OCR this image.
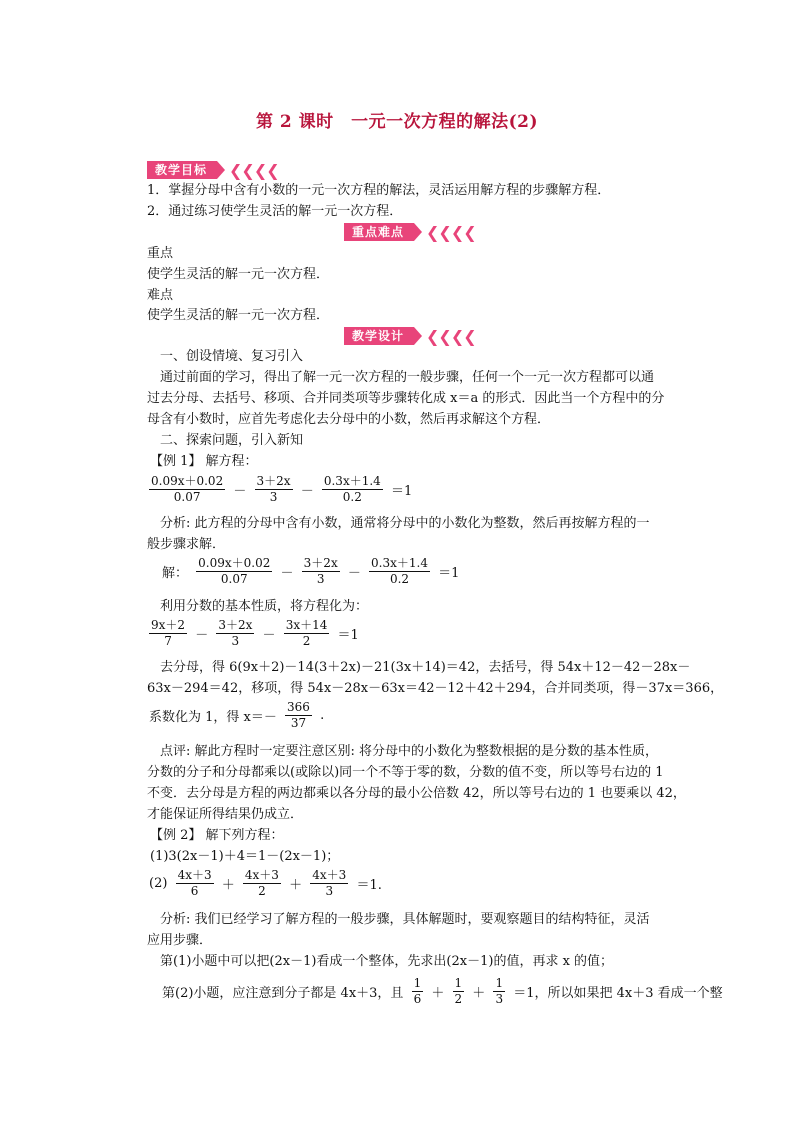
第 2 课时　一元一次方程的解法(2)
教学目标	❮❮❮❮
1．掌握分母中含有小数的一元一次方程的解法，灵活运用解方程的步骤解方程．
2．通过练习使学生灵活的解一元一次方程．
重点难点	❮❮❮❮
重点
使学生灵活的解一元一次方程．
难点
使学生灵活的解一元一次方程．
教学设计	❮❮❮❮
一、创设情境、复习引入
通过前面的学习，得出了解一元一次方程的一般步骤，任何一个一元一次方程都可以通
过去分母、去括号、移项、合并同类项等步骤转化成 x＝a 的形式．因此当一个方程中的分
母含有小数时，应首先考虑化去分母中的小数，然后再求解这个方程．
二、探索问题，引入新知
【例 1】 解方程：
$\frac{0.09x+0.02}{0.07} - \frac{3+2x}{3} - \frac{0.3x+1.4}{0.2} =1$
分析: 此方程的分母中含有小数，通常将分母中的小数化为整数，然后再按解方程的一
般步骤求解．
解： $\frac{0.09x+0.02}{0.07} - \frac{3+2x}{3} - \frac{0.3x+1.4}{0.2} =1$
利用分数的基本性质，将方程化为：
$\frac{9x+2}{7} - \frac{3+2x}{3} - \frac{3x+14}{2} =1$
去分母，得 6(9x＋2)－14(3＋2x)－21(3x＋14)＝42，去括号，得 54x＋12－42－28x－
63x－294＝42，移项，得 54x－28x－63x＝42－12＋42＋294，合并同类项，得－37x＝366，
系数化为 1，得 $x=- \frac{366}{37}$ .
点评: 解此方程时一定要注意区别: 将分母中的小数化为整数根据的是分数的基本性质，
分数的分子和分母都乘以(或除以)同一个不等于零的数，分数的值不变，所以等号右边的 1
不变．去分母是方程的两边都乘以各分母的最小公倍数 42，所以等号右边的 1 也要乘以 42，
才能保证所得结果仍成立．
【例 2】 解下列方程：
(1)3(2x－1)＋4＝1－(2x－1)；
$(2) \frac{4x+3}{6} + \frac{4x+3}{2} + \frac{4x+3}{3} =1$.
分析: 我们已经学习了解方程的一般步骤，具体解题时，要观察题目的结构特征，灵活
应用步骤．
第(1)小题中可以把(2x－1)看成一个整体，先求出(2x－1)的值，再求 x 的值；
第(2)小题，应注意到分子都是 4x＋3，且 $\frac{1}{6} + \frac{1}{2} + \frac{1}{3} =1$，所以如果把 4x＋3 看成一个整
